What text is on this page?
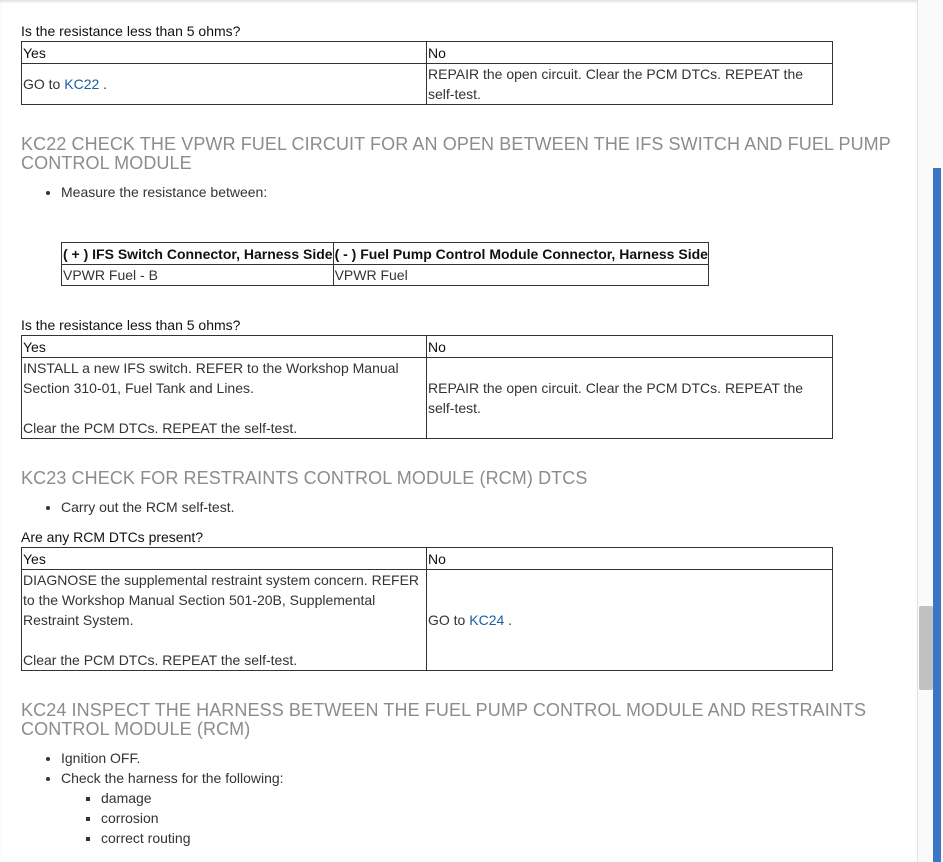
Is the resistance less than 5 ohms?

Yes	No
GO to KC22 .	REPAIR the open circuit. Clear the PCM DTCs. REPEAT the self-test.
KC22 CHECK THE VPWR FUEL CIRCUIT FOR AN OPEN BETWEEN THE IFS SWITCH AND FUEL PUMP CONTROL MODULE
• Measure the resistance between:
( + ) IFS Switch Connector, Harness Side	( - ) Fuel Pump Control Module Connector, Harness Side
VPWR Fuel - B	VPWR Fuel

Is the resistance less than 5 ohms?

Yes	No

INSTALL a new IFS switch. REFER to the Workshop Manual Section 310-01, Fuel Tank and Lines.
Clear the PCM DTCs. REPEAT the self-test.	REPAIR the open circuit. Clear the PCM DTCs. REPEAT the self-test.
KC23 CHECK FOR RESTRAINTS CONTROL MODULE (RCM) DTCS
• Carry out the RCM self-test.

Are any RCM DTCs present?

Yes	No

DIAGNOSE the supplemental restraint system concern. REFER to the Workshop Manual Section 501-20B, Supplemental Restraint System.
Clear the PCM DTCs. REPEAT the self-test.	GO to KC24 .
KC24 INSPECT THE HARNESS BETWEEN THE FUEL PUMP CONTROL MODULE AND RESTRAINTS CONTROL MODULE (RCM)
• Ignition OFF.
• Check the harness for the following:
▪ damage
▪ corrosion
▪ correct routing
